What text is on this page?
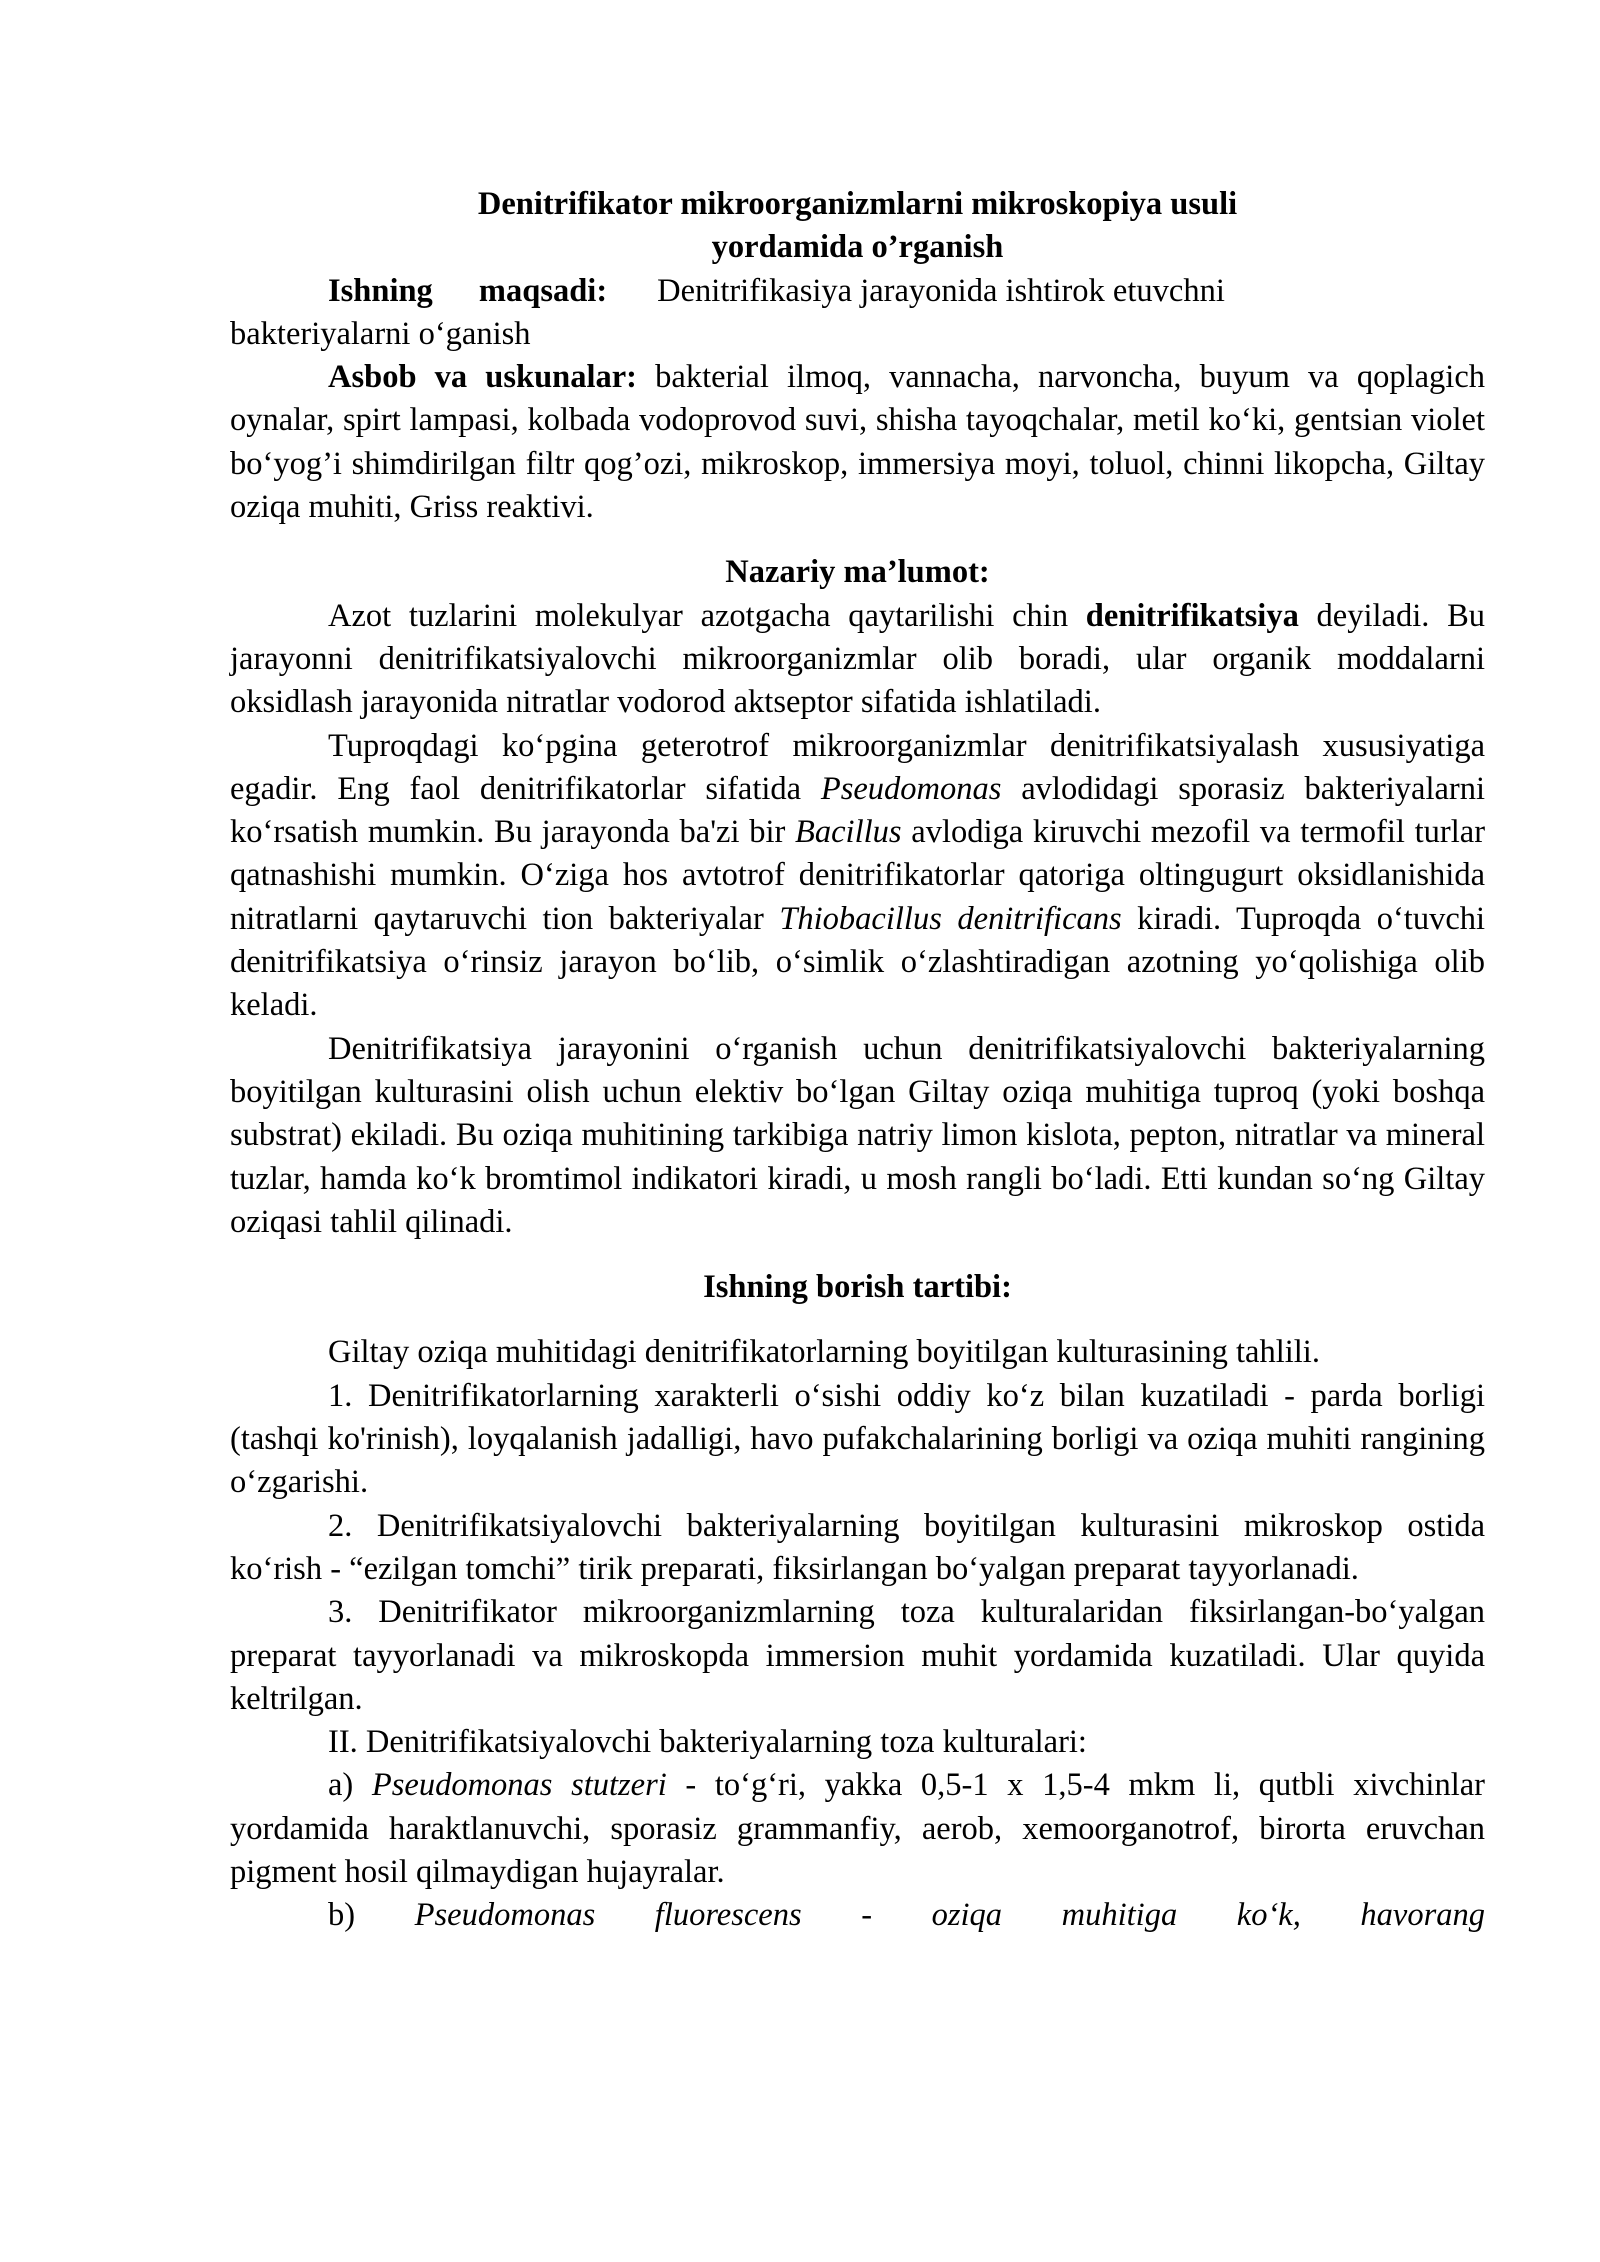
Denitrifikator mikroorganizmlarni mikroskopiya usuli
yordamida o’rganish
Ishning maqsadi: Denitrifikasiya jarayonida ishtirok etuvchni
bakteriyalarni o‘ganish

Asbob va uskunalar: bakterial ilmoq, vannacha, narvoncha, buyum va qoplagich oynalar, spirt lampasi, kolbada vodoprovod suvi, shisha tayoqchalar, metil ko‘ki, gentsian violet bo‘yog’i shimdirilgan filtr qog’ozi, mikroskop, immersiya moyi, toluol, chinni likopcha, Giltay oziqa muhiti, Griss reaktivi.

Nazariy ma’lumot:

Azot tuzlarini molekulyar azotgacha qaytarilishi chin denitrifikatsiya deyiladi. Bu jarayonni denitrifikatsiyalovchi mikroorganizmlar olib boradi, ular organik moddalarni oksidlash jarayonida nitratlar vodorod aktseptor sifatida ishlatiladi.

Tuproqdagi ko‘pgina geterotrof mikroorganizmlar denitrifikatsiyalash xususiyatiga egadir. Eng faol denitrifikatorlar sifatida Pseudomonas avlodidagi sporasiz bakteriyalarni ko‘rsatish mumkin. Bu jarayonda ba'zi bir Bacillus avlodiga kiruvchi mezofil va termofil turlar qatnashishi mumkin. O‘ziga hos avtotrof denitrifikatorlar qatoriga oltingugurt oksidlanishida nitratlarni qaytaruvchi tion bakteriyalar Thiobacillus denitrificans kiradi. Tuproqda o‘tuvchi denitrifikatsiya o‘rinsiz jarayon bo‘lib, o‘simlik o‘zlashtiradigan azotning yo‘qolishiga olib keladi.

Denitrifikatsiya jarayonini o‘rganish uchun denitrifikatsiyalovchi bakteriyalarning boyitilgan kulturasini olish uchun elektiv bo‘lgan Giltay oziqa muhitiga tuproq (yoki boshqa substrat) ekiladi. Bu oziqa muhitining tarkibiga natriy limon kislota, pepton, nitratlar va mineral tuzlar, hamda ko‘k bromtimol indikatori kiradi, u mosh rangli bo‘ladi. Etti kundan so‘ng Giltay oziqasi tahlil qilinadi.

Ishning borish tartibi:

Giltay oziqa muhitidagi denitrifikatorlarning boyitilgan kulturasining tahlili.

1. Denitrifikatorlarning xarakterli o‘sishi oddiy ko‘z bilan kuzatiladi - parda borligi (tashqi ko'rinish), loyqalanish jadalligi, havo pufakchalarining borligi va oziqa muhiti rangining o‘zgarishi.

2. Denitrifikatsiyalovchi bakteriyalarning boyitilgan kulturasini mikroskop ostida ko‘rish - “ezilgan tomchi” tirik preparati, fiksirlangan bo‘yalgan preparat tayyorlanadi.

3. Denitrifikator mikroorganizmlarning toza kulturalaridan fiksirlangan-bo‘yalgan preparat tayyorlanadi va mikroskopda immersion muhit yordamida kuzatiladi. Ular quyida keltrilgan.

II. Denitrifikatsiyalovchi bakteriyalarning toza kulturalari:

a) Pseudomonas stutzeri - to‘g‘ri, yakka 0,5-1 x 1,5-4 mkm li, qutbli xivchinlar yordamida haraktlanuvchi, sporasiz grammanfiy, aerob, xemoorganotrof, birorta eruvchan pigment hosil qilmaydigan hujayralar.

b) Pseudomonas fluorescens - oziqa muhitiga ko‘k, havorang
